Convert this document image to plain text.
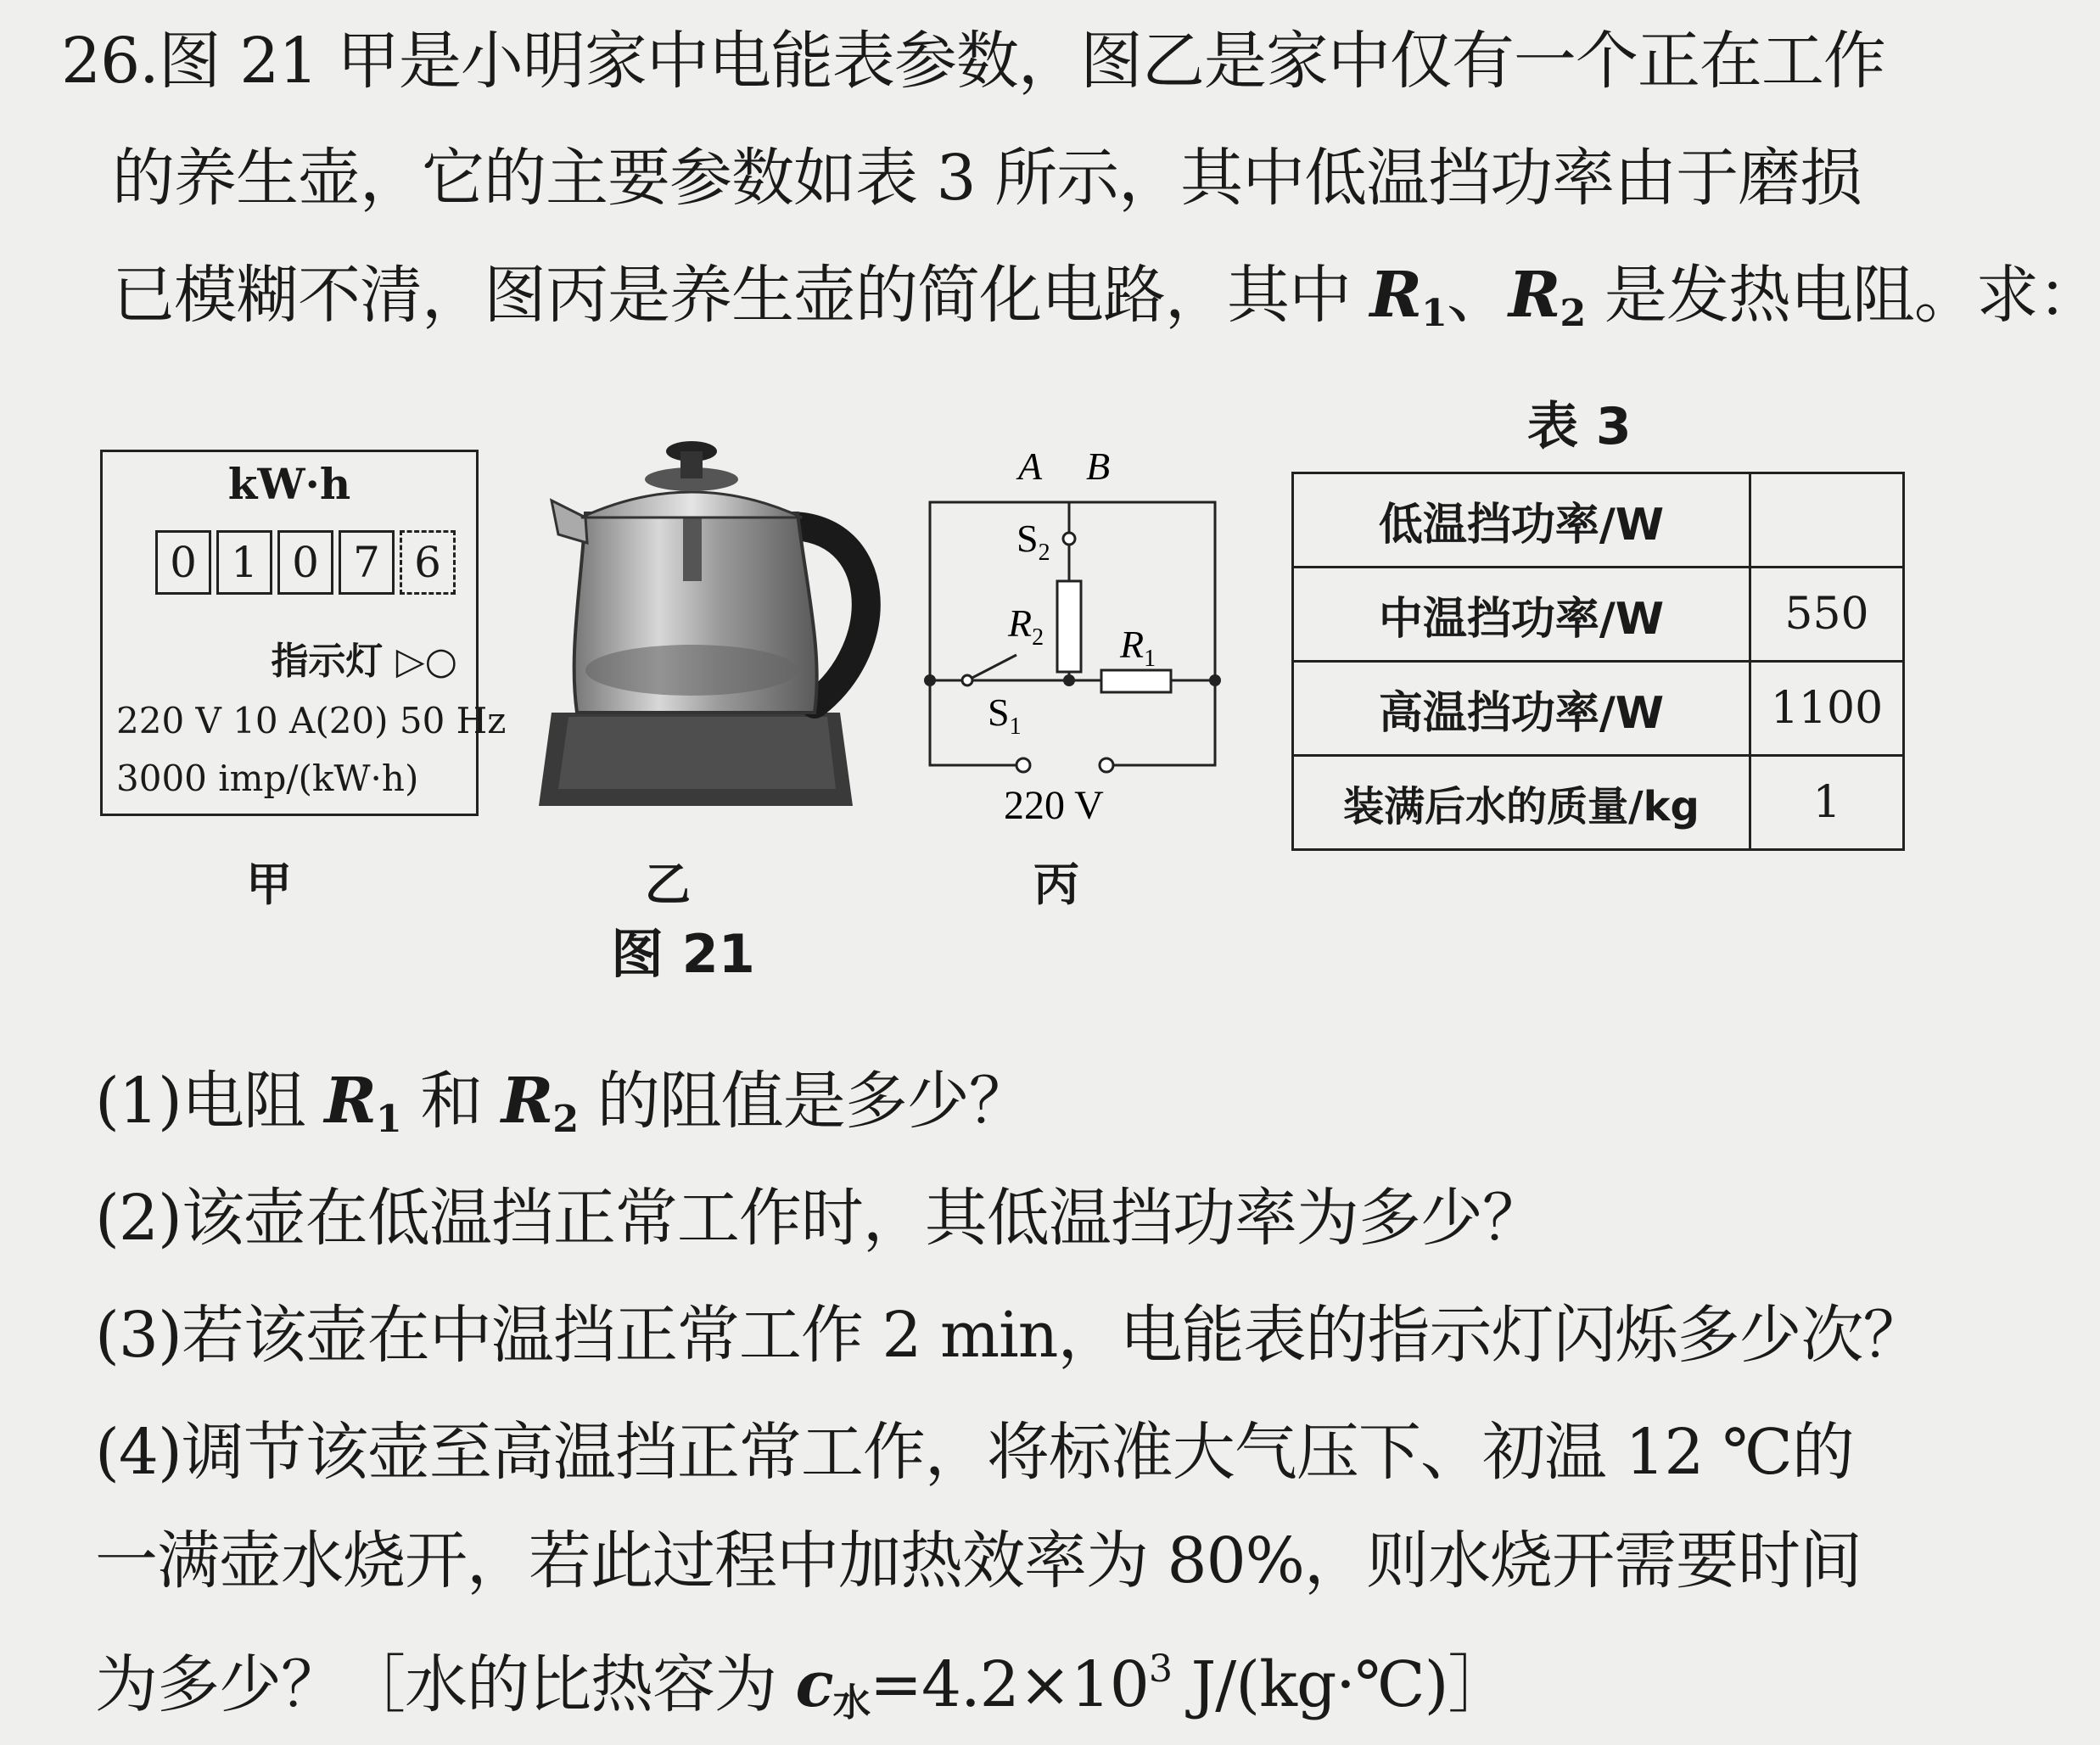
26.图 21 甲是小明家中电能表参数，图乙是家中仅有一个正在工作
的养生壶，它的主要参数如表 3 所示，其中低温挡功率由于磨损
已模糊不清，图丙是养生壶的简化电路，其中 $R_1$、$R_2$ 是发热电阻。求：
kW·h
0 1 0 7 6
指示灯 ▷○
220 V 10 A(20) 50 Hz
3000 imp/(kW·h)
甲	乙
A B
$S_2$
$R_2$ $R_1$
$S_1$
220 V
丙
图 21
表 3
低温挡功率/W	
中温挡功率/W	550
高温挡功率/W	1100
装满后水的质量/kg	1
(1)电阻 $R_1$ 和 $R_2$ 的阻值是多少？
(2)该壶在低温挡正常工作时，其低温挡功率为多少？
(3)若该壶在中温挡正常工作 2 min，电能表的指示灯闪烁多少次？
(4)调节该壶至高温挡正常工作，将标准大气压下、初温 12 ℃的
一满壶水烧开，若此过程中加热效率为 80%，则水烧开需要时间
为多少？［水的比热容为 $c_水=4.2\times 10^3$ J/(kg·℃)］
